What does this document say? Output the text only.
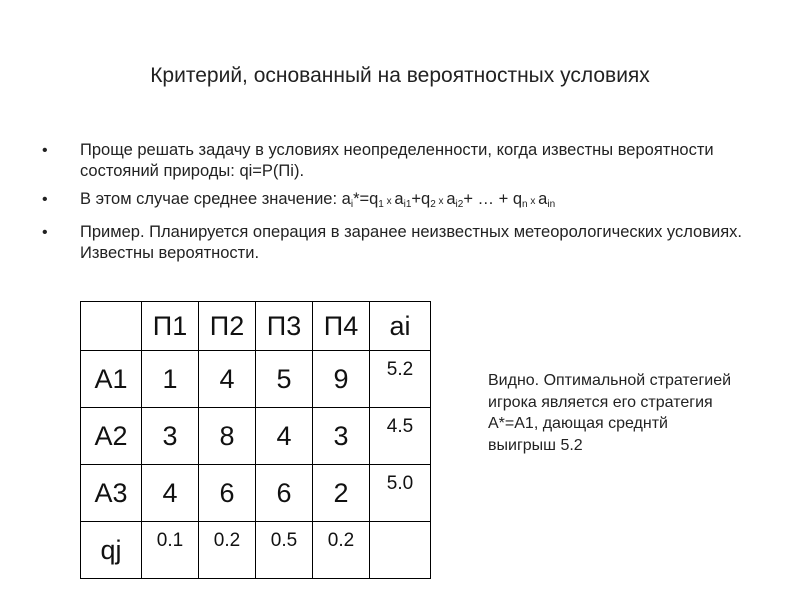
Критерий, основанный на вероятностных условиях
• Проще решать задачу в условиях неопределенности, когда известны вероятности состояний природы: qi=P(Пi).
• В этом случае среднее значение: $a_i*=q_1$ x $a_{i1}+q_2$ x $a_{i2}+$ … + $q_n$ x $a_{in}$
• Пример. Планируется операция в заранее неизвестных метеорологических условиях. Известны вероятности.
	П1	П2	П3	П4	ai
A1	1	4	5	9	5.2
A2	3	8	4	3	4.5
A3	4	6	6	2	5.0
qj	0.1	0.2	0.5	0.2	
Видно. Оптимальной стратегией игрока является его стратегия A*=A1, дающая среднтй выигрыш 5.2
